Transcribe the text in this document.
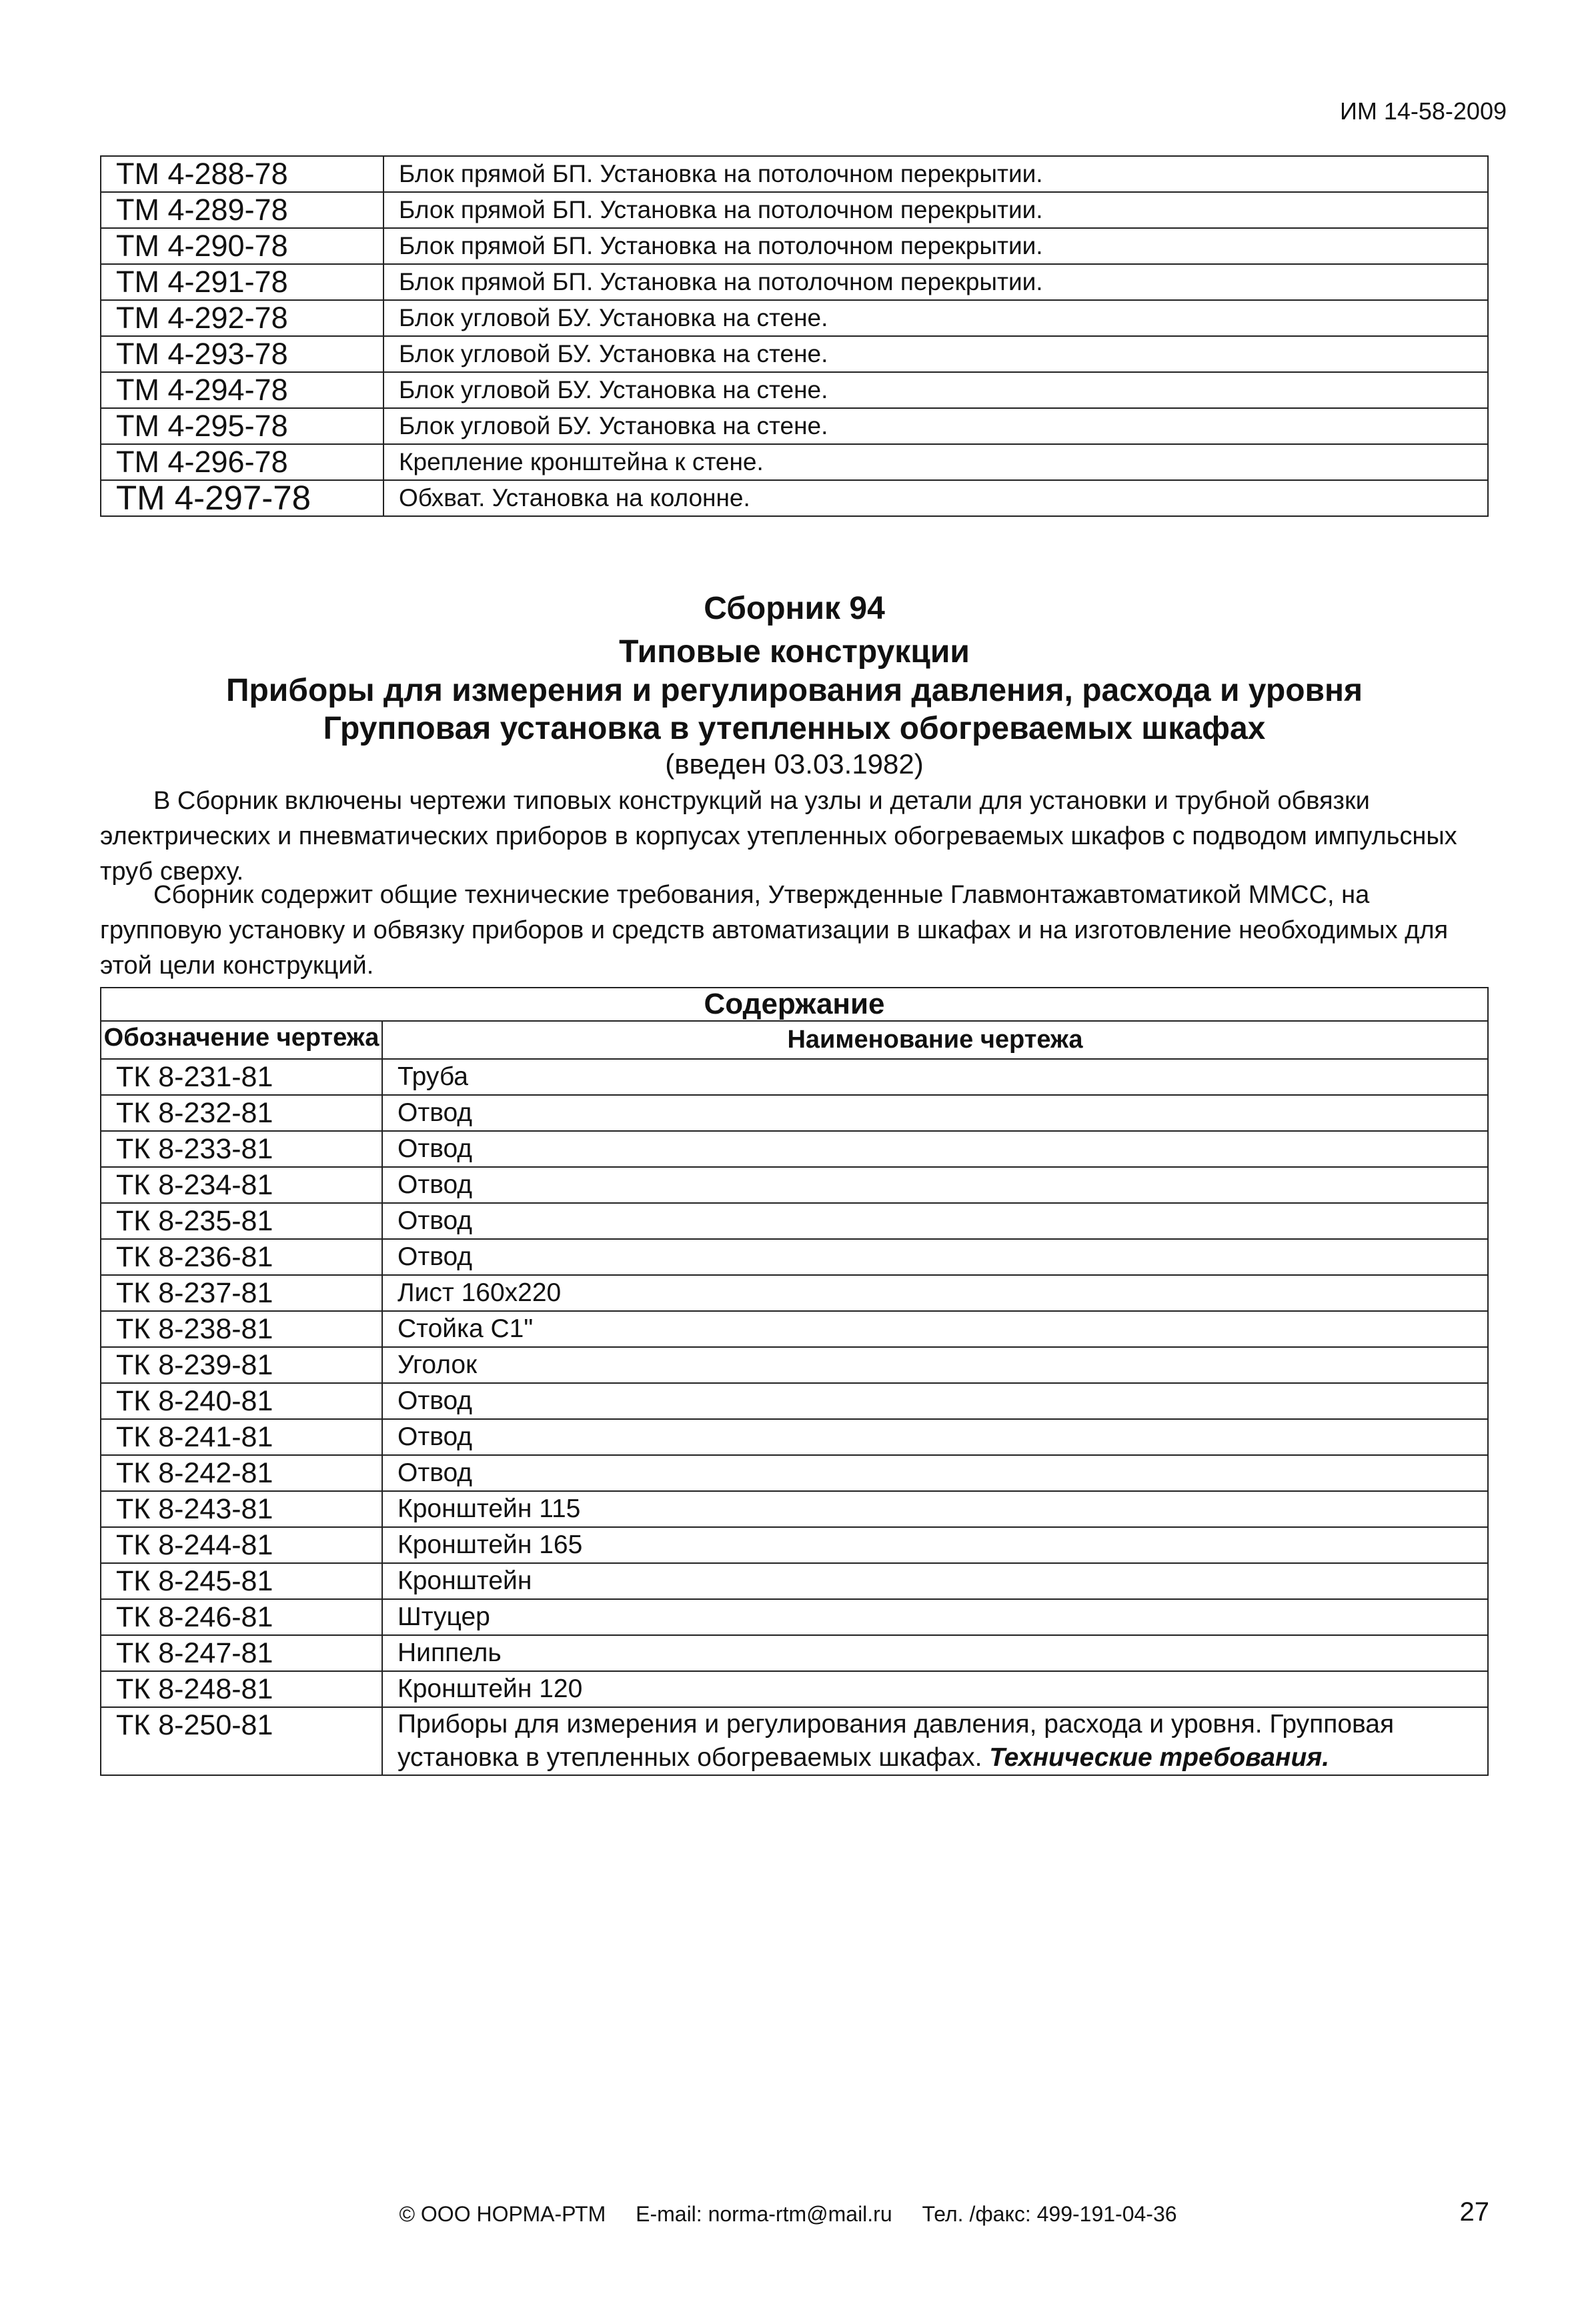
ИМ 14-58-2009
ТМ 4-288-78	Блок прямой БП. Установка на потолочном перекрытии.
ТМ 4-289-78	Блок прямой БП. Установка на потолочном перекрытии.
ТМ 4-290-78	Блок прямой БП. Установка на потолочном перекрытии.
ТМ 4-291-78	Блок прямой БП. Установка на потолочном перекрытии.
ТМ 4-292-78	Блок угловой БУ. Установка на стене.
ТМ 4-293-78	Блок угловой БУ. Установка на стене.
ТМ 4-294-78	Блок угловой БУ. Установка на стене.
ТМ 4-295-78	Блок угловой БУ. Установка на стене.
ТМ 4-296-78	Крепление кронштейна к стене.
ТМ 4-297-78	Обхват. Установка на колонне.
Сборник 94
Типовые конструкции
Приборы для измерения и регулирования давления, расхода и уровня
Групповая установка в утепленных обогреваемых шкафах
(введен 03.03.1982)
В Сборник включены чертежи типовых конструкций на узлы и детали для установки и трубной обвязки электрических и пневматических приборов в корпусах утепленных обогреваемых шкафов с подводом импульсных труб сверху.
Сборник содержит общие технические требования, Утвержденные Главмонтажавтоматикой ММСС, на групповую установку и обвязку приборов и средств автоматизации в шкафах и на изготовление необходимых для этой цели конструкций.
Содержание	
Обозначение чертежа	Наименование чертежа
ТК 8-231-81	Труба
ТК 8-232-81	Отвод
ТК 8-233-81	Отвод
ТК 8-234-81	Отвод
ТК 8-235-81	Отвод
ТК 8-236-81	Отвод
ТК 8-237-81	Лист 160х220
ТК 8-238-81	Стойка С1"
ТК 8-239-81	Уголок
ТК 8-240-81	Отвод
ТК 8-241-81	Отвод
ТК 8-242-81	Отвод
ТК 8-243-81	Кронштейн 115
ТК 8-244-81	Кронштейн 165
ТК 8-245-81	Кронштейн
ТК 8-246-81	Штуцер
ТК 8-247-81	Ниппель
ТК 8-248-81	Кронштейн 120
ТК 8-250-81	Приборы для измерения и регулирования давления, расхода и уровня. Групповая установка в утепленных обогреваемых шкафах. Технические требования.
© ООО НОРМА-РТМ E-mail: norma-rtm@mail.ru Тел. /факс: 499-191-04-36	27
